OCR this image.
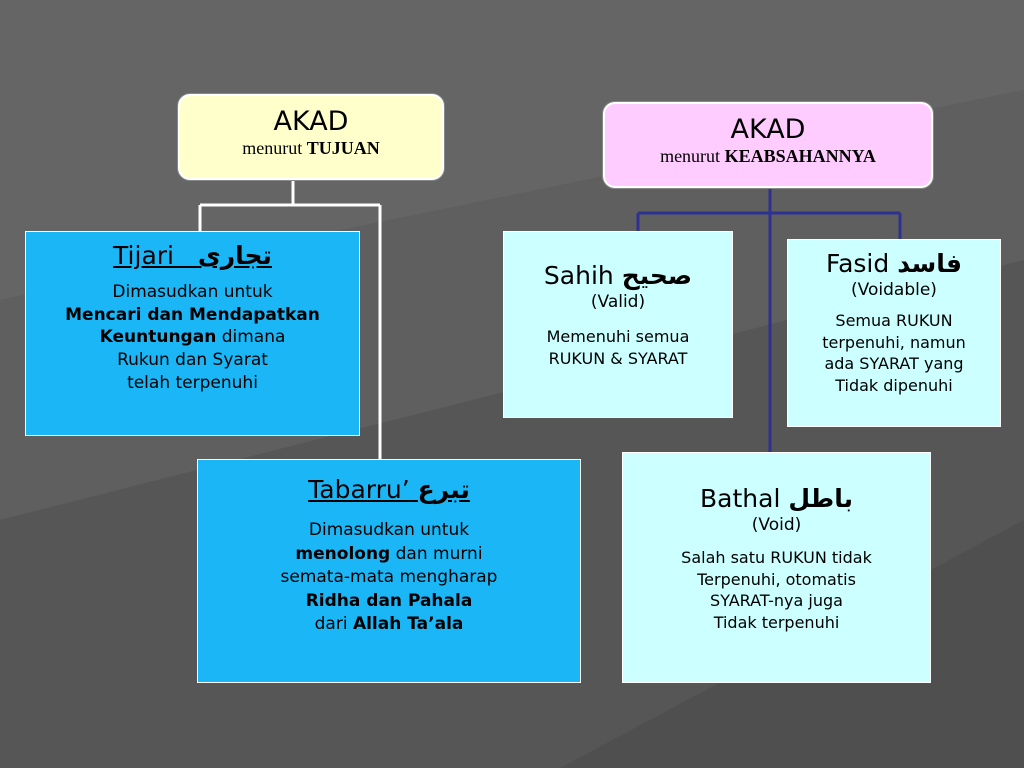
AKAD
menurut TUJUAN
AKAD
menurut KEABSAHANNYA
Tijari تجارى
Dimasudkan untuk
Mencari dan Mendapatkan
Keuntungan dimana
Rukun dan Syarat
telah terpenuhi
Tabarru’ تبرع
Dimasudkan untuk
menolong dan murni
semata-mata mengharap
Ridha dan Pahala
dari Allah Ta’ala
Sahih صحيح
(Valid)
Memenuhi semua
RUKUN & SYARAT
Fasid فاسد
(Voidable)
Semua RUKUN
terpenuhi, namun
ada SYARAT yang
Tidak dipenuhi
Bathal باطل
(Void)
Salah satu RUKUN tidak
Terpenuhi, otomatis
SYARAT-nya juga
Tidak terpenuhi
